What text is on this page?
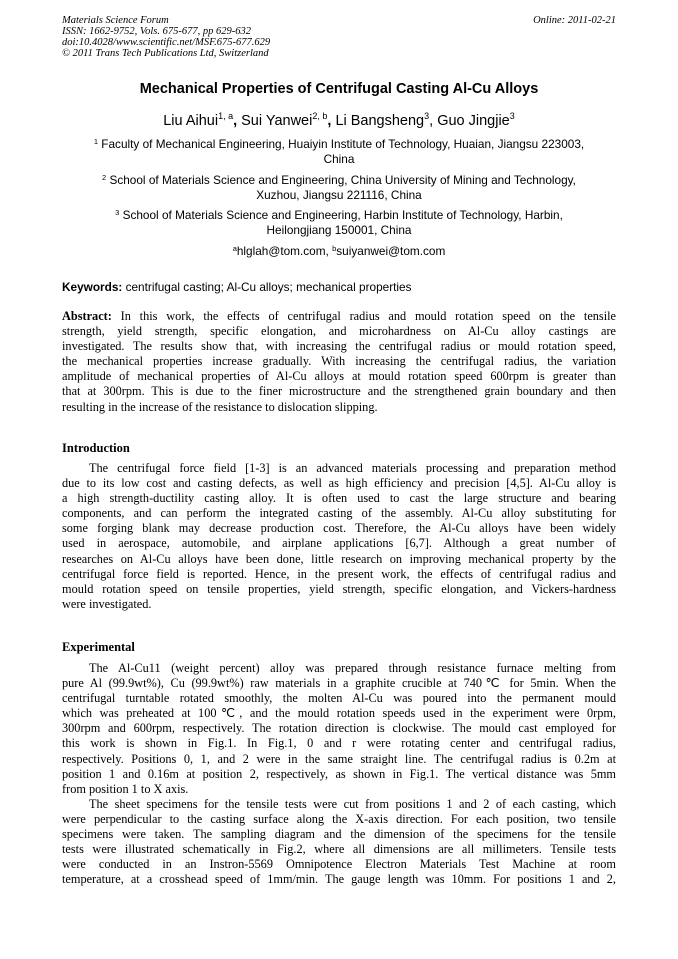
Materials Science Forum
ISSN: 1662-9752, Vols. 675-677, pp 629-632
doi:10.4028/www.scientific.net/MSF.675-677.629
© 2011 Trans Tech Publications Ltd, Switzerland
Online: 2011-02-21
Mechanical Properties of Centrifugal Casting Al-Cu Alloys
Liu Aihui$^{1, a}$, Sui Yanwei$^{2, b}$, Li Bangsheng$^3$, Guo Jingjie$^3$
$^1$ Faculty of Mechanical Engineering, Huaiyin Institute of Technology, Huaian, Jiangsu 223003,
China
$^2$ School of Materials Science and Engineering, China University of Mining and Technology,
Xuzhou, Jiangsu 221116, China
$^3$ School of Materials Science and Engineering, Harbin Institute of Technology, Harbin,
Heilongjiang 150001, China
$^a$hlglah@tom.com, $^b$suiyanwei@tom.com
Keywords: centrifugal casting; Al-Cu alloys; mechanical properties
Abstract: In this work, the effects of centrifugal radius and mould rotation speed on the tensile
strength, yield strength, specific elongation, and microhardness on Al-Cu alloy castings are
investigated. The results show that, with increasing the centrifugal radius or mould rotation speed,
the mechanical properties increase gradually. With increasing the centrifugal radius, the variation
amplitude of mechanical properties of Al-Cu alloys at mould rotation speed 600rpm is greater than
that at 300rpm. This is due to the finer microstructure and the strengthened grain boundary and then
resulting in the increase of the resistance to dislocation slipping.
Introduction
The centrifugal force field [1-3] is an advanced materials processing and preparation method
due to its low cost and casting defects, as well as high efficiency and precision [4,5]. Al-Cu alloy is
a high strength-ductility casting alloy. It is often used to cast the large structure and bearing
components, and can perform the integrated casting of the assembly. Al-Cu alloy substituting for
some forging blank may decrease production cost. Therefore, the Al-Cu alloys have been widely
used in aerospace, automobile, and airplane applications [6,7]. Although a great number of
researches on Al-Cu alloys have been done, little research on improving mechanical property by the
centrifugal force field is reported. Hence, in the present work, the effects of centrifugal radius and
mould rotation speed on tensile properties, yield strength, specific elongation, and Vickers-hardness
were investigated.
Experimental
The Al-Cu11 (weight percent) alloy was prepared through resistance furnace melting from
pure Al (99.9wt%), Cu (99.9wt%) raw materials in a graphite crucible at 740℃ for 5min. When the
centrifugal turntable rotated smoothly, the molten Al-Cu was poured into the permanent mould
which was preheated at 100℃, and the mould rotation speeds used in the experiment were 0rpm,
300rpm and 600rpm, respectively. The rotation direction is clockwise. The mould cast employed for
this work is shown in Fig.1. In Fig.1, 0 and r were rotating center and centrifugal radius,
respectively. Positions 0, 1, and 2 were in the same straight line. The centrifugal radius is 0.2m at
position 1 and 0.16m at position 2, respectively, as shown in Fig.1. The vertical distance was 5mm
from position 1 to X axis.
The sheet specimens for the tensile tests were cut from positions 1 and 2 of each casting, which
were perpendicular to the casting surface along the X-axis direction. For each position, two tensile
specimens were taken. The sampling diagram and the dimension of the specimens for the tensile
tests were illustrated schematically in Fig.2, where all dimensions are all millimeters. Tensile tests
were conducted in an Instron-5569 Omnipotence Electron Materials Test Machine at room
temperature, at a crosshead speed of 1mm/min. The gauge length was 10mm. For positions 1 and 2,
